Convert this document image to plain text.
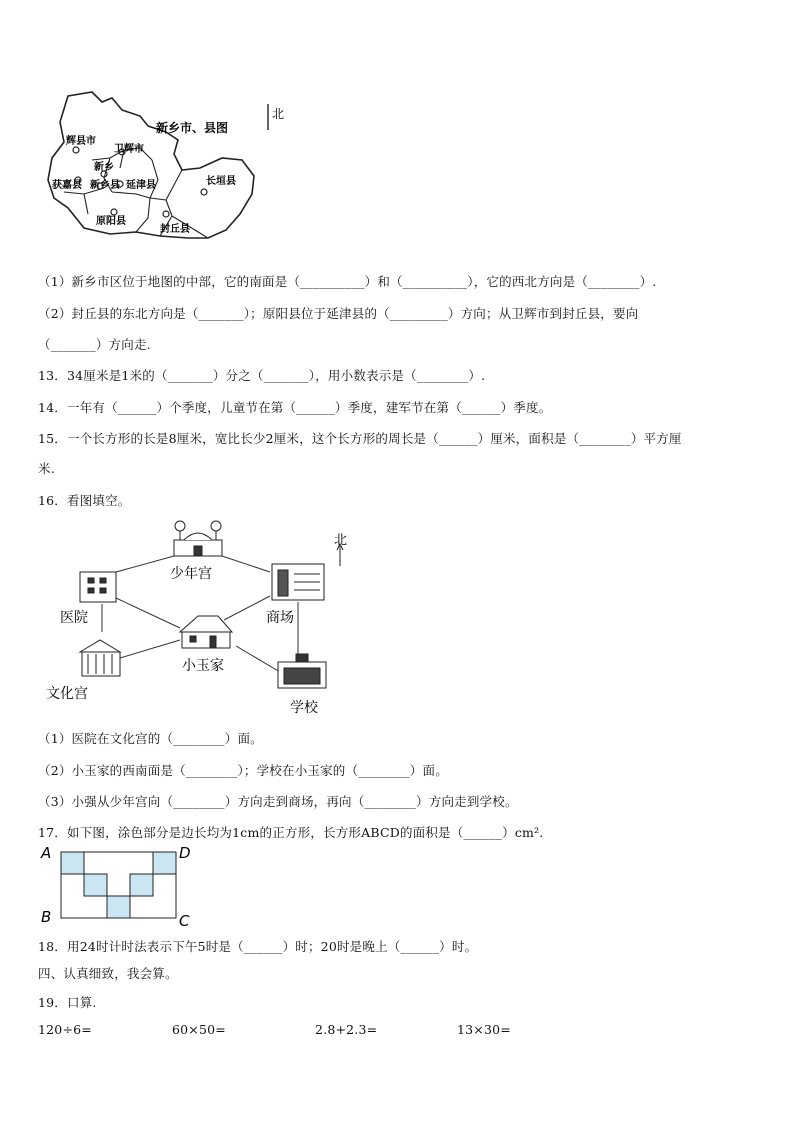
辉县市
卫辉市
新乡
获嘉县 新乡县 延津县	长垣县
原阳县
封丘县
新乡市、县图
北
（1）新乡市区位于地图的中部，它的南面是（__________）和（__________），它的西北方向是（________）.
（2）封丘县的东北方向是（_______）；原阳县位于延津县的（_________）方向；从卫辉市到封丘县，要向
（_______）方向走.
13．34厘米是1米的（_______）分之（_______），用小数表示是（________）.
14．一年有（______）个季度，儿童节在第（______）季度，建军节在第（______）季度。
15．一个长方形的长是8厘米，宽比长少2厘米，这个长方形的周长是（______）厘米，面积是（________）平方厘
米.
16．看图填空。
少年宫
医院	商场
小玉家
文化宫
学校
北
（1）医院在文化宫的（________）面。
（2）小玉家的西南面是（________）；学校在小玉家的（________）面。
（3）小强从少年宫向（________）方向走到商场，再向（________）方向走到学校。
17．如下图，涂色部分是边长均为1cm的正方形，长方形ABCD的面积是（______）cm².
A	D
B	C
18．用24时计时法表示下午5时是（______）时；20时是晚上（______）时。
四、认真细致，我会算。
19．口算.
120÷6=	60×50=	2.8+2.3=	13×30=
